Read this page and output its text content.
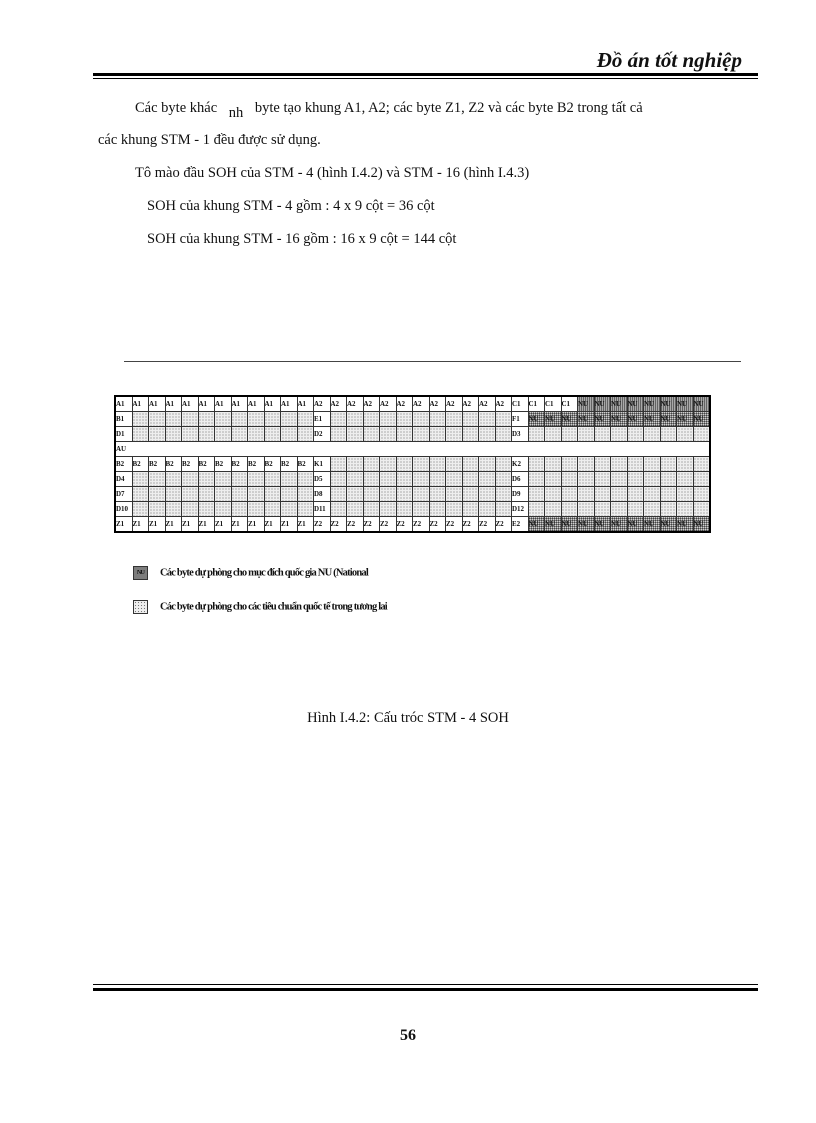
Đồ án tốt nghiệp
Các byte khác nh byte tạo khung A1, A2; các byte Z1, Z2 và các byte B2 trong tất cả
các khung STM - 1 đều được sử dụng.
Tô mào đầu SOH của STM - 4 (hình I.4.2) và STM - 16 (hình I.4.3)
SOH của khung STM - 4 gồm : 4 x 9 cột = 36 cột
SOH của khung STM - 16 gồm : 16 x 9 cột = 144 cột
A1	A1	A1	A1	A1	A1	A1	A1	A1	A1	A1	A1	A2	A2	A2	A2	A2	A2	A2	A2	A2	A2	A2	A2	C1	C1	C1	C1	NU	NU	NU	NU	NU	NU	NU	NU
B1												E1												F1	NU	NU	NU	NU	NU	NU	NU	NU	NU	NU	NU
D1												D2												D3											
AU																																			
B2	B2	B2	B2	B2	B2	B2	B2	B2	B2	B2	B2	K1												K2											
D4												D5												D6											
D7												D8												D9											
D10												D11												D12											
Z1	Z1	Z1	Z1	Z1	Z1	Z1	Z1	Z1	Z1	Z1	Z1	Z2	Z2	Z2	Z2	Z2	Z2	Z2	Z2	Z2	Z2	Z2	Z2	E2	NU	NU	NU	NU	NU	NU	NU	NU	NU	NU	NU
NU Các byte dự phòng cho mục đích quốc gia NU (National
Các byte dự phòng cho các tiêu chuẩn quốc tế trong tương lai
Hình I.4.2: Cấu tróc STM - 4 SOH
56
